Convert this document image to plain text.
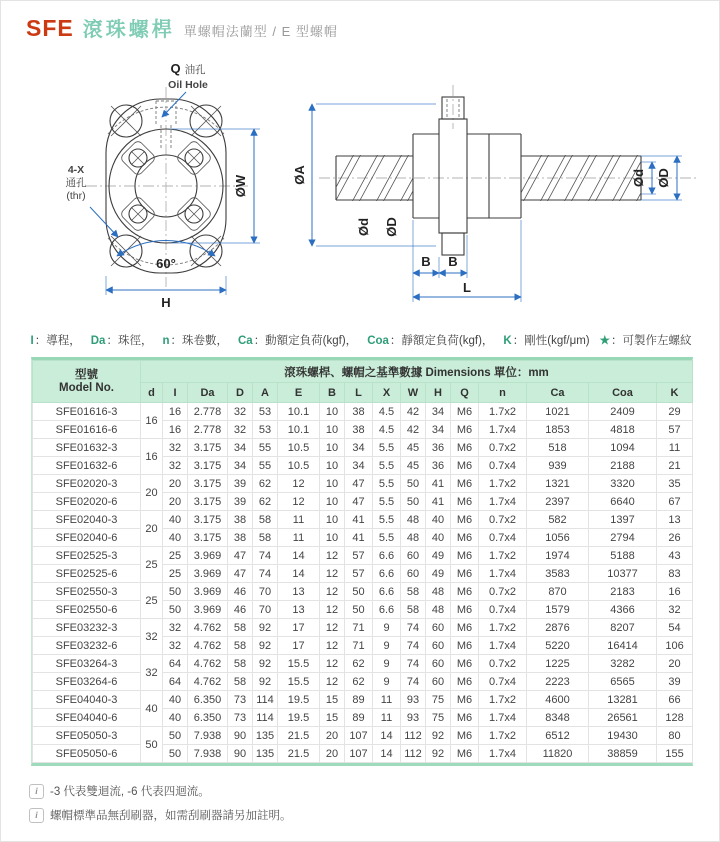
SFE 滾珠螺桿 單螺帽法蘭型 / E 型螺帽
Q 油孔
Oil Hole
4-X
通孔
(thr)
60°
H
ØW	ØA
Ød ØD
Ød ØD
B B
L
I：導程， Da：珠徑， n：珠卷數， Ca：動額定負荷(kgf)， Coa：靜額定負荷(kgf)， K：剛性(kgf/μm) ★：可製作左螺紋
型號
Model No.	滾珠螺桿、螺帽之基準數據 Dimensions 單位：mm															
	d	I	Da	D	A	E	B	L	X	W	H	Q	n	Ca	Coa	K
SFE01616-3	16	16	2.778	32	53	10.1	10	38	4.5	42	34	M6	1.7x2	1021	2409	29
SFE01616-6		16	2.778	32	53	10.1	10	38	4.5	42	34	M6	1.7x4	1853	4818	57
SFE01632-3	16	32	3.175	34	55	10.5	10	34	5.5	45	36	M6	0.7x2	518	1094	11
SFE01632-6		32	3.175	34	55	10.5	10	34	5.5	45	36	M6	0.7x4	939	2188	21
SFE02020-3	20	20	3.175	39	62	12	10	47	5.5	50	41	M6	1.7x2	1321	3320	35
SFE02020-6		20	3.175	39	62	12	10	47	5.5	50	41	M6	1.7x4	2397	6640	67
SFE02040-3	20	40	3.175	38	58	11	10	41	5.5	48	40	M6	0.7x2	582	1397	13
SFE02040-6		40	3.175	38	58	11	10	41	5.5	48	40	M6	0.7x4	1056	2794	26
SFE02525-3	25	25	3.969	47	74	14	12	57	6.6	60	49	M6	1.7x2	1974	5188	43
SFE02525-6		25	3.969	47	74	14	12	57	6.6	60	49	M6	1.7x4	3583	10377	83
SFE02550-3	25	50	3.969	46	70	13	12	50	6.6	58	48	M6	0.7x2	870	2183	16
SFE02550-6		50	3.969	46	70	13	12	50	6.6	58	48	M6	0.7x4	1579	4366	32
SFE03232-3	32	32	4.762	58	92	17	12	71	9	74	60	M6	1.7x2	2876	8207	54
SFE03232-6		32	4.762	58	92	17	12	71	9	74	60	M6	1.7x4	5220	16414	106
SFE03264-3	32	64	4.762	58	92	15.5	12	62	9	74	60	M6	0.7x2	1225	3282	20
SFE03264-6		64	4.762	58	92	15.5	12	62	9	74	60	M6	0.7x4	2223	6565	39
SFE04040-3	40	40	6.350	73	114	19.5	15	89	11	93	75	M6	1.7x2	4600	13281	66
SFE04040-6		40	6.350	73	114	19.5	15	89	11	93	75	M6	1.7x4	8348	26561	128
SFE05050-3	50	50	7.938	90	135	21.5	20	107	14	112	92	M6	1.7x2	6512	19430	80
SFE05050-6		50	7.938	90	135	21.5	20	107	14	112	92	M6	1.7x4	11820	38859	155
i	-3 代表雙迴流, -6 代表四迴流。
i	螺帽標準品無刮刷器，如需刮刷器請另加註明。
